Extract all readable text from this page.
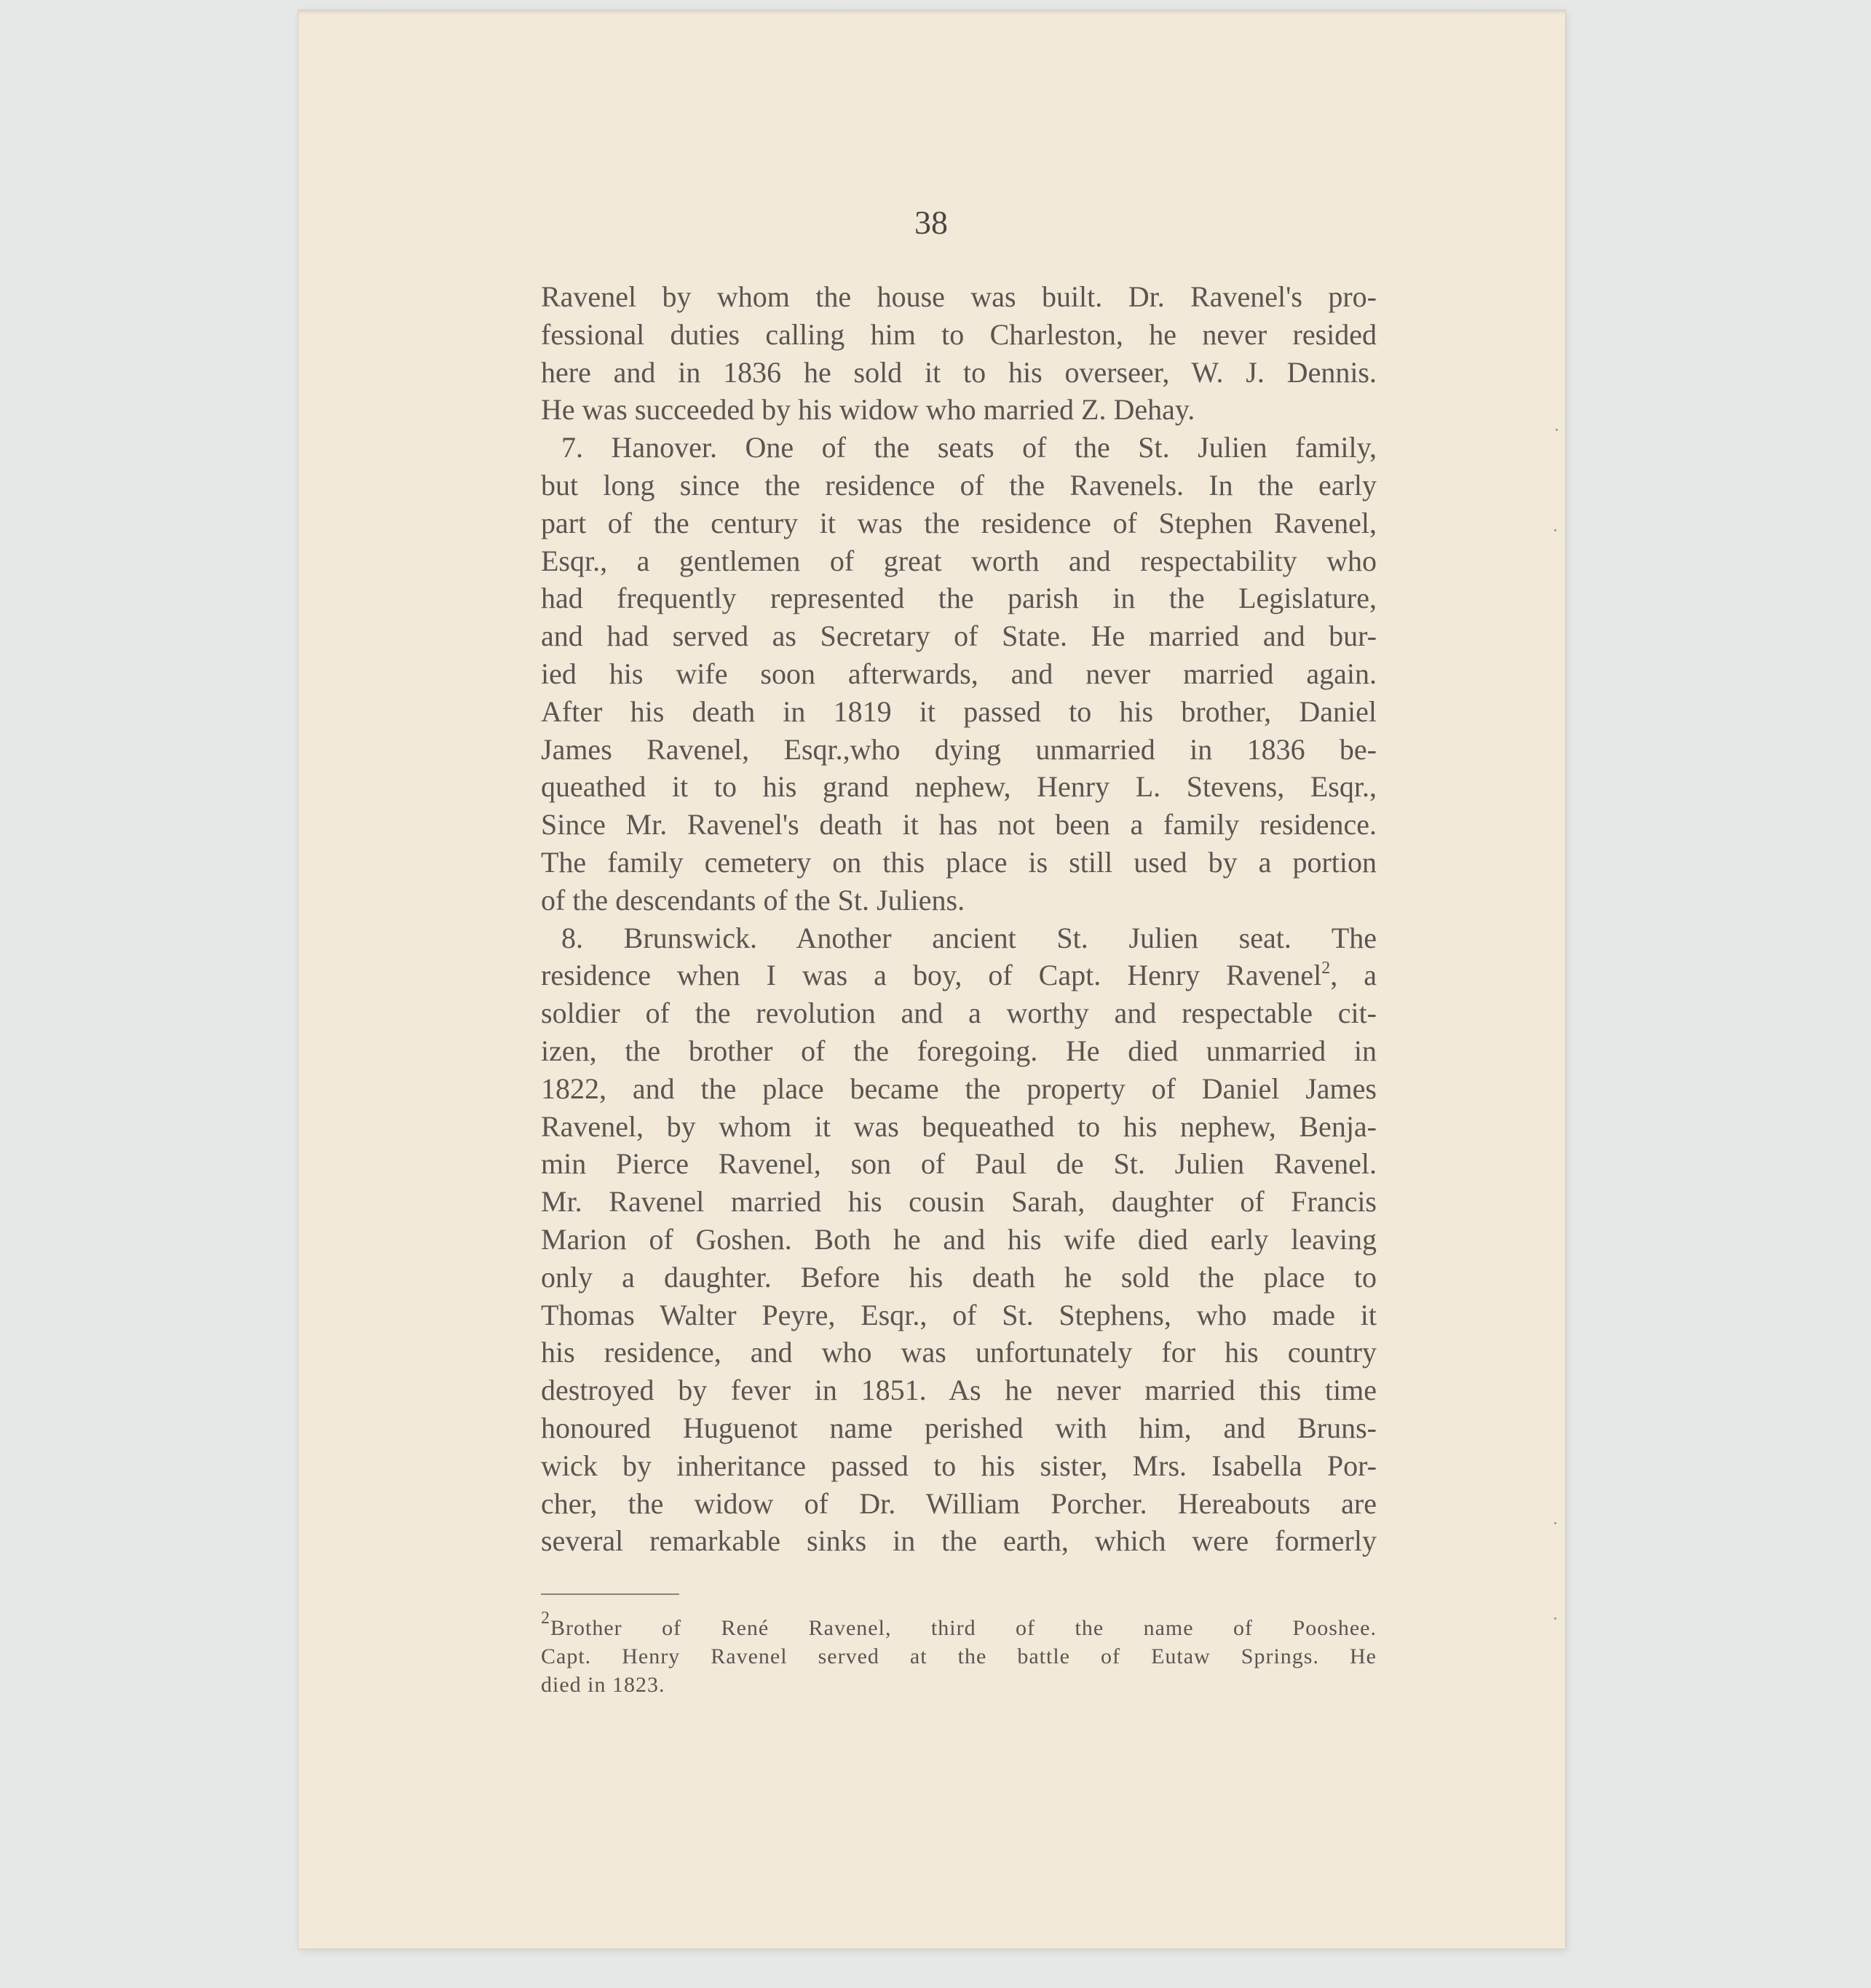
38
Ravenel by whom the house was built. Dr. Ravenel's pro-
fessional duties calling him to Charleston, he never resided
here and in 1836 he sold it to his overseer, W. J. Dennis.
He was succeeded by his widow who married Z. Dehay.
7. Hanover. One of the seats of the St. Julien family,
but long since the residence of the Ravenels. In the early
part of the century it was the residence of Stephen Ravenel,
Esqr., a gentlemen of great worth and respectability who
had frequently represented the parish in the Legislature,
and had served as Secretary of State. He married and bur-
ied his wife soon afterwards, and never married again.
After his death in 1819 it passed to his brother, Daniel
James Ravenel, Esqr.,who dying unmarried in 1836 be-
queathed it to his grand nephew, Henry L. Stevens, Esqr.,
Since Mr. Ravenel's death it has not been a family residence.
The family cemetery on this place is still used by a portion
of the descendants of the St. Juliens.
8. Brunswick. Another ancient St. Julien seat. The
residence when I was a boy, of Capt. Henry Ravenel$^2$, a
soldier of the revolution and a worthy and respectable cit-
izen, the brother of the foregoing. He died unmarried in
1822, and the place became the property of Daniel James
Ravenel, by whom it was bequeathed to his nephew, Benja-
min Pierce Ravenel, son of Paul de St. Julien Ravenel.
Mr. Ravenel married his cousin Sarah, daughter of Francis
Marion of Goshen. Both he and his wife died early leaving
only a daughter. Before his death he sold the place to
Thomas Walter Peyre, Esqr., of St. Stephens, who made it
his residence, and who was unfortunately for his country
destroyed by fever in 1851. As he never married this time
honoured Huguenot name perished with him, and Bruns-
wick by inheritance passed to his sister, Mrs. Isabella Por-
cher, the widow of Dr. William Porcher. Hereabouts are
several remarkable sinks in the earth, which were formerly
$^2$Brother of René Ravenel, third of the name of Pooshee.
Capt. Henry Ravenel served at the battle of Eutaw Springs. He
died in 1823.
·
·
·
·
